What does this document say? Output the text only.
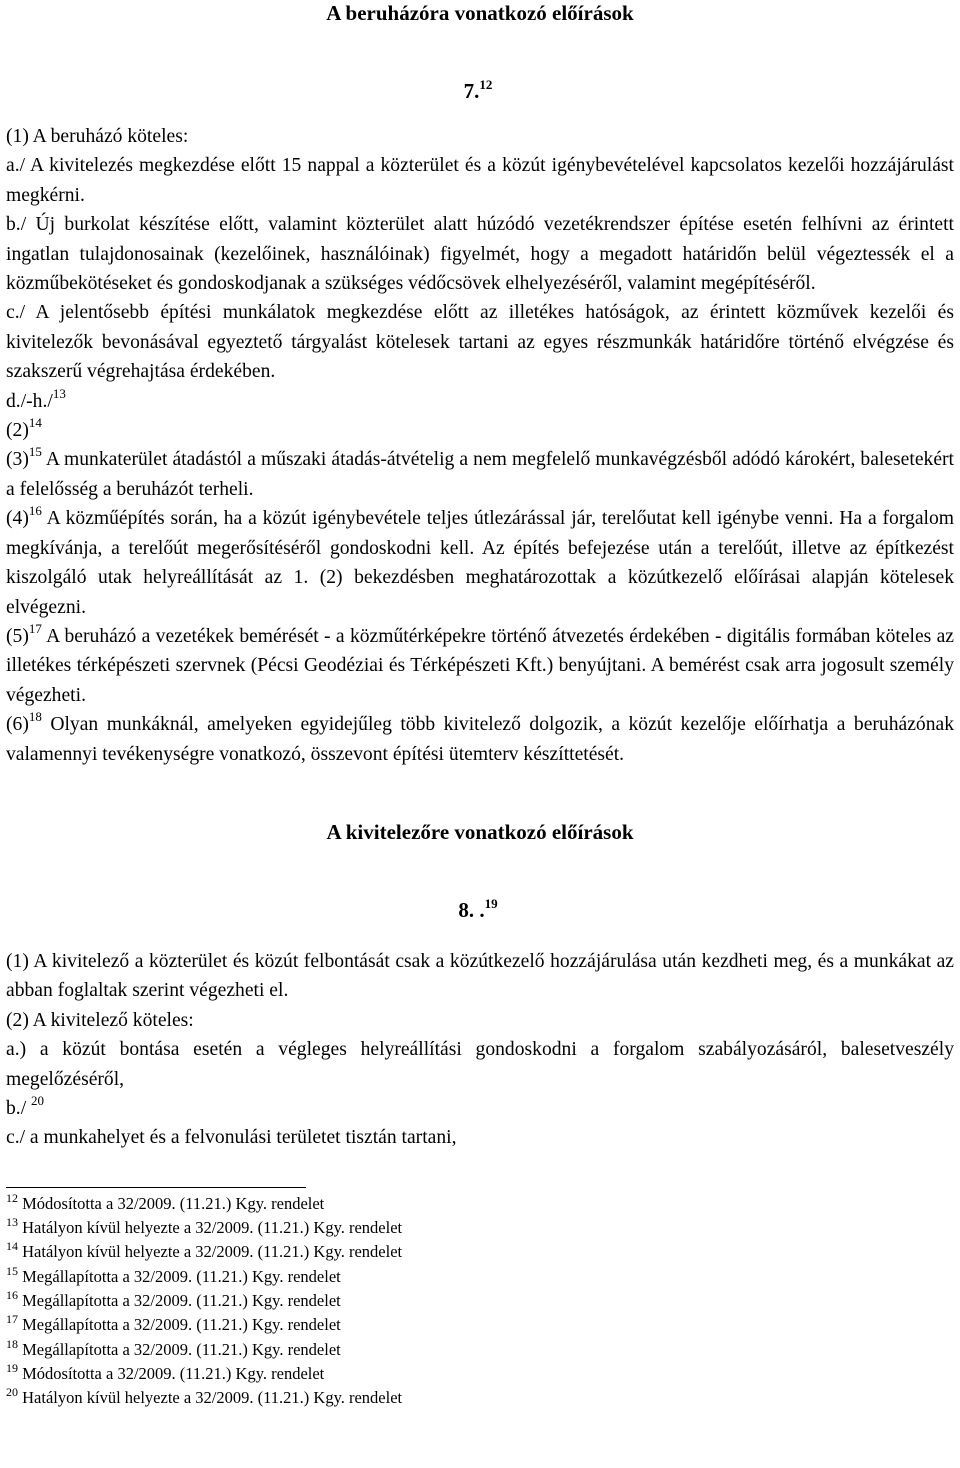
A beruházóra vonatkozó előírások
7.12

(1) A beruházó köteles:

a./ A kivitelezés megkezdése előtt 15 nappal a közterület és a közút igénybevételével kapcsolatos kezelői hozzájárulást megkérni.

b./ Új burkolat készítése előtt, valamint közterület alatt húzódó vezetékrendszer építése esetén felhívni az érintett ingatlan tulajdonosainak (kezelőinek, használóinak) figyelmét, hogy a megadott határidőn belül végeztessék el a közműbekötéseket és gondoskodjanak a szükséges védőcsövek elhelyezéséről, valamint megépítéséről.

c./ A jelentősebb építési munkálatok megkezdése előtt az illetékes hatóságok, az érintett közművek kezelői és kivitelezők bevonásával egyeztető tárgyalást kötelesek tartani az egyes részmunkák határidőre történő elvégzése és szakszerű végrehajtása érdekében.

d./-h./$^{13}$

$(2)^{14}$

$(3)^{15}$ A munkaterület átadástól a műszaki átadás-átvételig a nem megfelelő munkavégzésből adódó károkért, balesetekért a felelősség a beruházót terheli.

$(4)^{16}$ A közműépítés során, ha a közút igénybevétele teljes útlezárással jár, terelőutat kell igénybe venni. Ha a forgalom megkívánja, a terelőút megerősítéséről gondoskodni kell. Az építés befejezése után a terelőút, illetve az építkezést kiszolgáló utak helyreállítását az 1. (2) bekezdésben meghatározottak a közútkezelő előírásai alapján kötelesek elvégezni.

$(5)^{17}$ A beruházó a vezetékek bemérését - a közműtérképekre történő átvezetés érdekében - digitális formában köteles az illetékes térképészeti szervnek (Pécsi Geodéziai és Térképészeti Kft.) benyújtani. A bemérést csak arra jogosult személy végezheti.

$(6)^{18}$ Olyan munkáknál, amelyeken egyidejűleg több kivitelező dolgozik, a közút kezelője előírhatja a beruházónak valamennyi tevékenységre vonatkozó, összevont építési ütemterv készíttetését.

A kivitelezőre vonatkozó előírások
8. .$^{19}$

(1) A kivitelező a közterület és közút felbontását csak a közútkezelő hozzájárulása után kezdheti meg, és a munkákat az abban foglaltak szerint végezheti el.

(2) A kivitelező köteles:

a.) a közút bontása esetén a végleges helyreállítási gondoskodni a forgalom szabályozásáról, balesetveszély megelőzéséről,

b./ $^{20}$

c./ a munkahelyet és a felvonulási területet tisztán tartani,

$^{12}$ Módosította a 32/2009. (11.21.) Kgy. rendelet

$^{13}$ Hatályon kívül helyezte a 32/2009. (11.21.) Kgy. rendelet

$^{14}$ Hatályon kívül helyezte a 32/2009. (11.21.) Kgy. rendelet

$^{15}$ Megállapította a 32/2009. (11.21.) Kgy. rendelet

$^{16}$ Megállapította a 32/2009. (11.21.) Kgy. rendelet

$^{17}$ Megállapította a 32/2009. (11.21.) Kgy. rendelet

$^{18}$ Megállapította a 32/2009. (11.21.) Kgy. rendelet

$^{19}$ Módosította a 32/2009. (11.21.) Kgy. rendelet

$^{20}$ Hatályon kívül helyezte a 32/2009. (11.21.) Kgy. rendelet
